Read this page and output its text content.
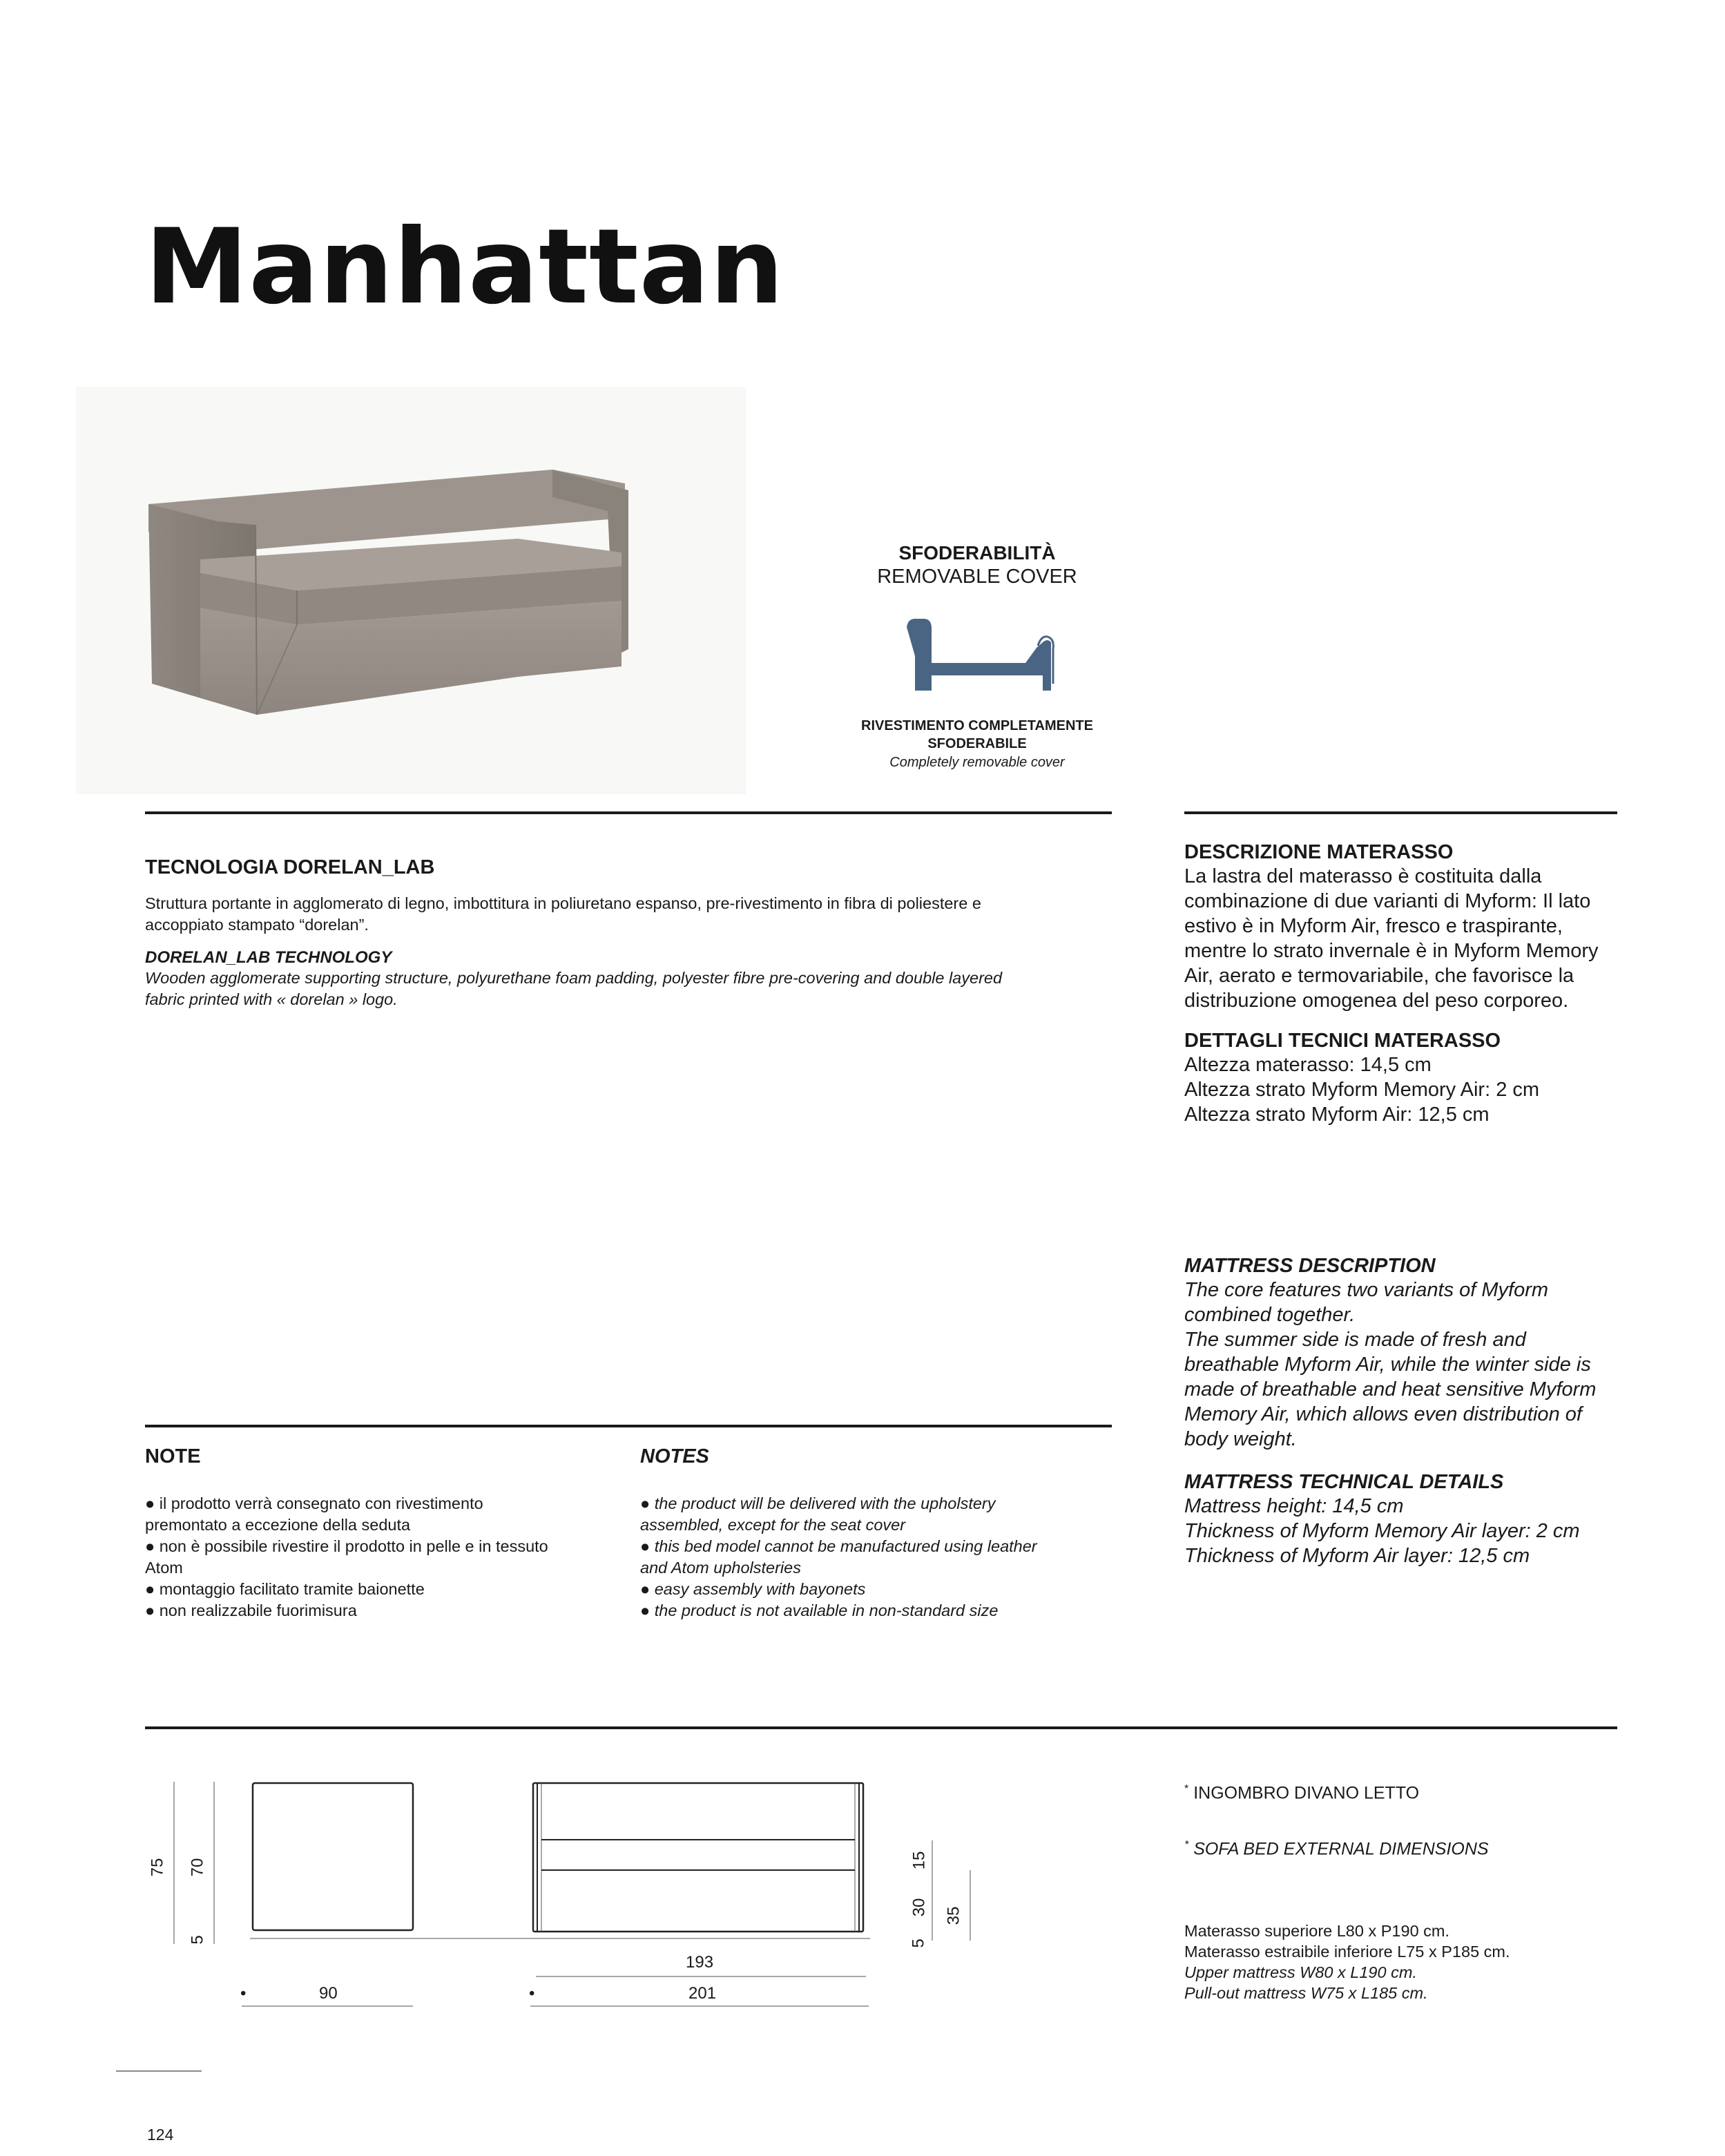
Manhattan
SFODERABILITÀ
REMOVABLE COVER
RIVESTIMENTO COMPLETAMENTE
SFODERABILE
Completely removable cover
TECNOLOGIA DORELAN_LAB
Struttura portante in agglomerato di legno, imbottitura in poliuretano espanso, pre-rivestimento in fibra di poliestere e
accoppiato stampato “dorelan”.
DORELAN_LAB TECHNOLOGY
Wooden agglomerate supporting structure, polyurethane foam padding, polyester fibre pre-covering and double layered
fabric printed with « dorelan » logo.
DESCRIZIONE MATERASSO
La lastra del materasso è costituita dalla
combinazione di due varianti di Myform: Il lato
estivo è in Myform Air, fresco e traspirante,
mentre lo strato invernale è in Myform Memory
Air, aerato e termovariabile, che favorisce la
distribuzione omogenea del peso corporeo.
DETTAGLI TECNICI MATERASSO
Altezza materasso: 14,5 cm
Altezza strato Myform Memory Air: 2 cm
Altezza strato Myform Air: 12,5 cm
MATTRESS DESCRIPTION
The core features two variants of Myform
combined together.
The summer side is made of fresh and
breathable Myform Air, while the winter side is
made of breathable and heat sensitive Myform
Memory Air, which allows even distribution of
body weight.
MATTRESS TECHNICAL DETAILS
Mattress height: 14,5 cm
Thickness of Myform Memory Air layer: 2 cm
Thickness of Myform Air layer: 12,5 cm
NOTE
● il prodotto verrà consegnato con rivestimento
premontato a eccezione della seduta
● non è possibile rivestire il prodotto in pelle e in tessuto
Atom
● montaggio facilitato tramite baionette
● non realizzabile fuorimisura
NOTES
● the product will be delivered with the upholstery
assembled, except for the seat cover
● this bed model cannot be manufactured using leather
and Atom upholsteries
● easy assembly with bayonets
● the product is not available in non-standard size
75 70
5
15
30 35
5
193
•	90	•	201
* INGOMBRO DIVANO LETTO
* SOFA BED EXTERNAL DIMENSIONS
Materasso superiore L80 x P190 cm.
Materasso estraibile inferiore L75 x P185 cm.
Upper mattress W80 x L190 cm.
Pull-out mattress W75 x L185 cm.
124
